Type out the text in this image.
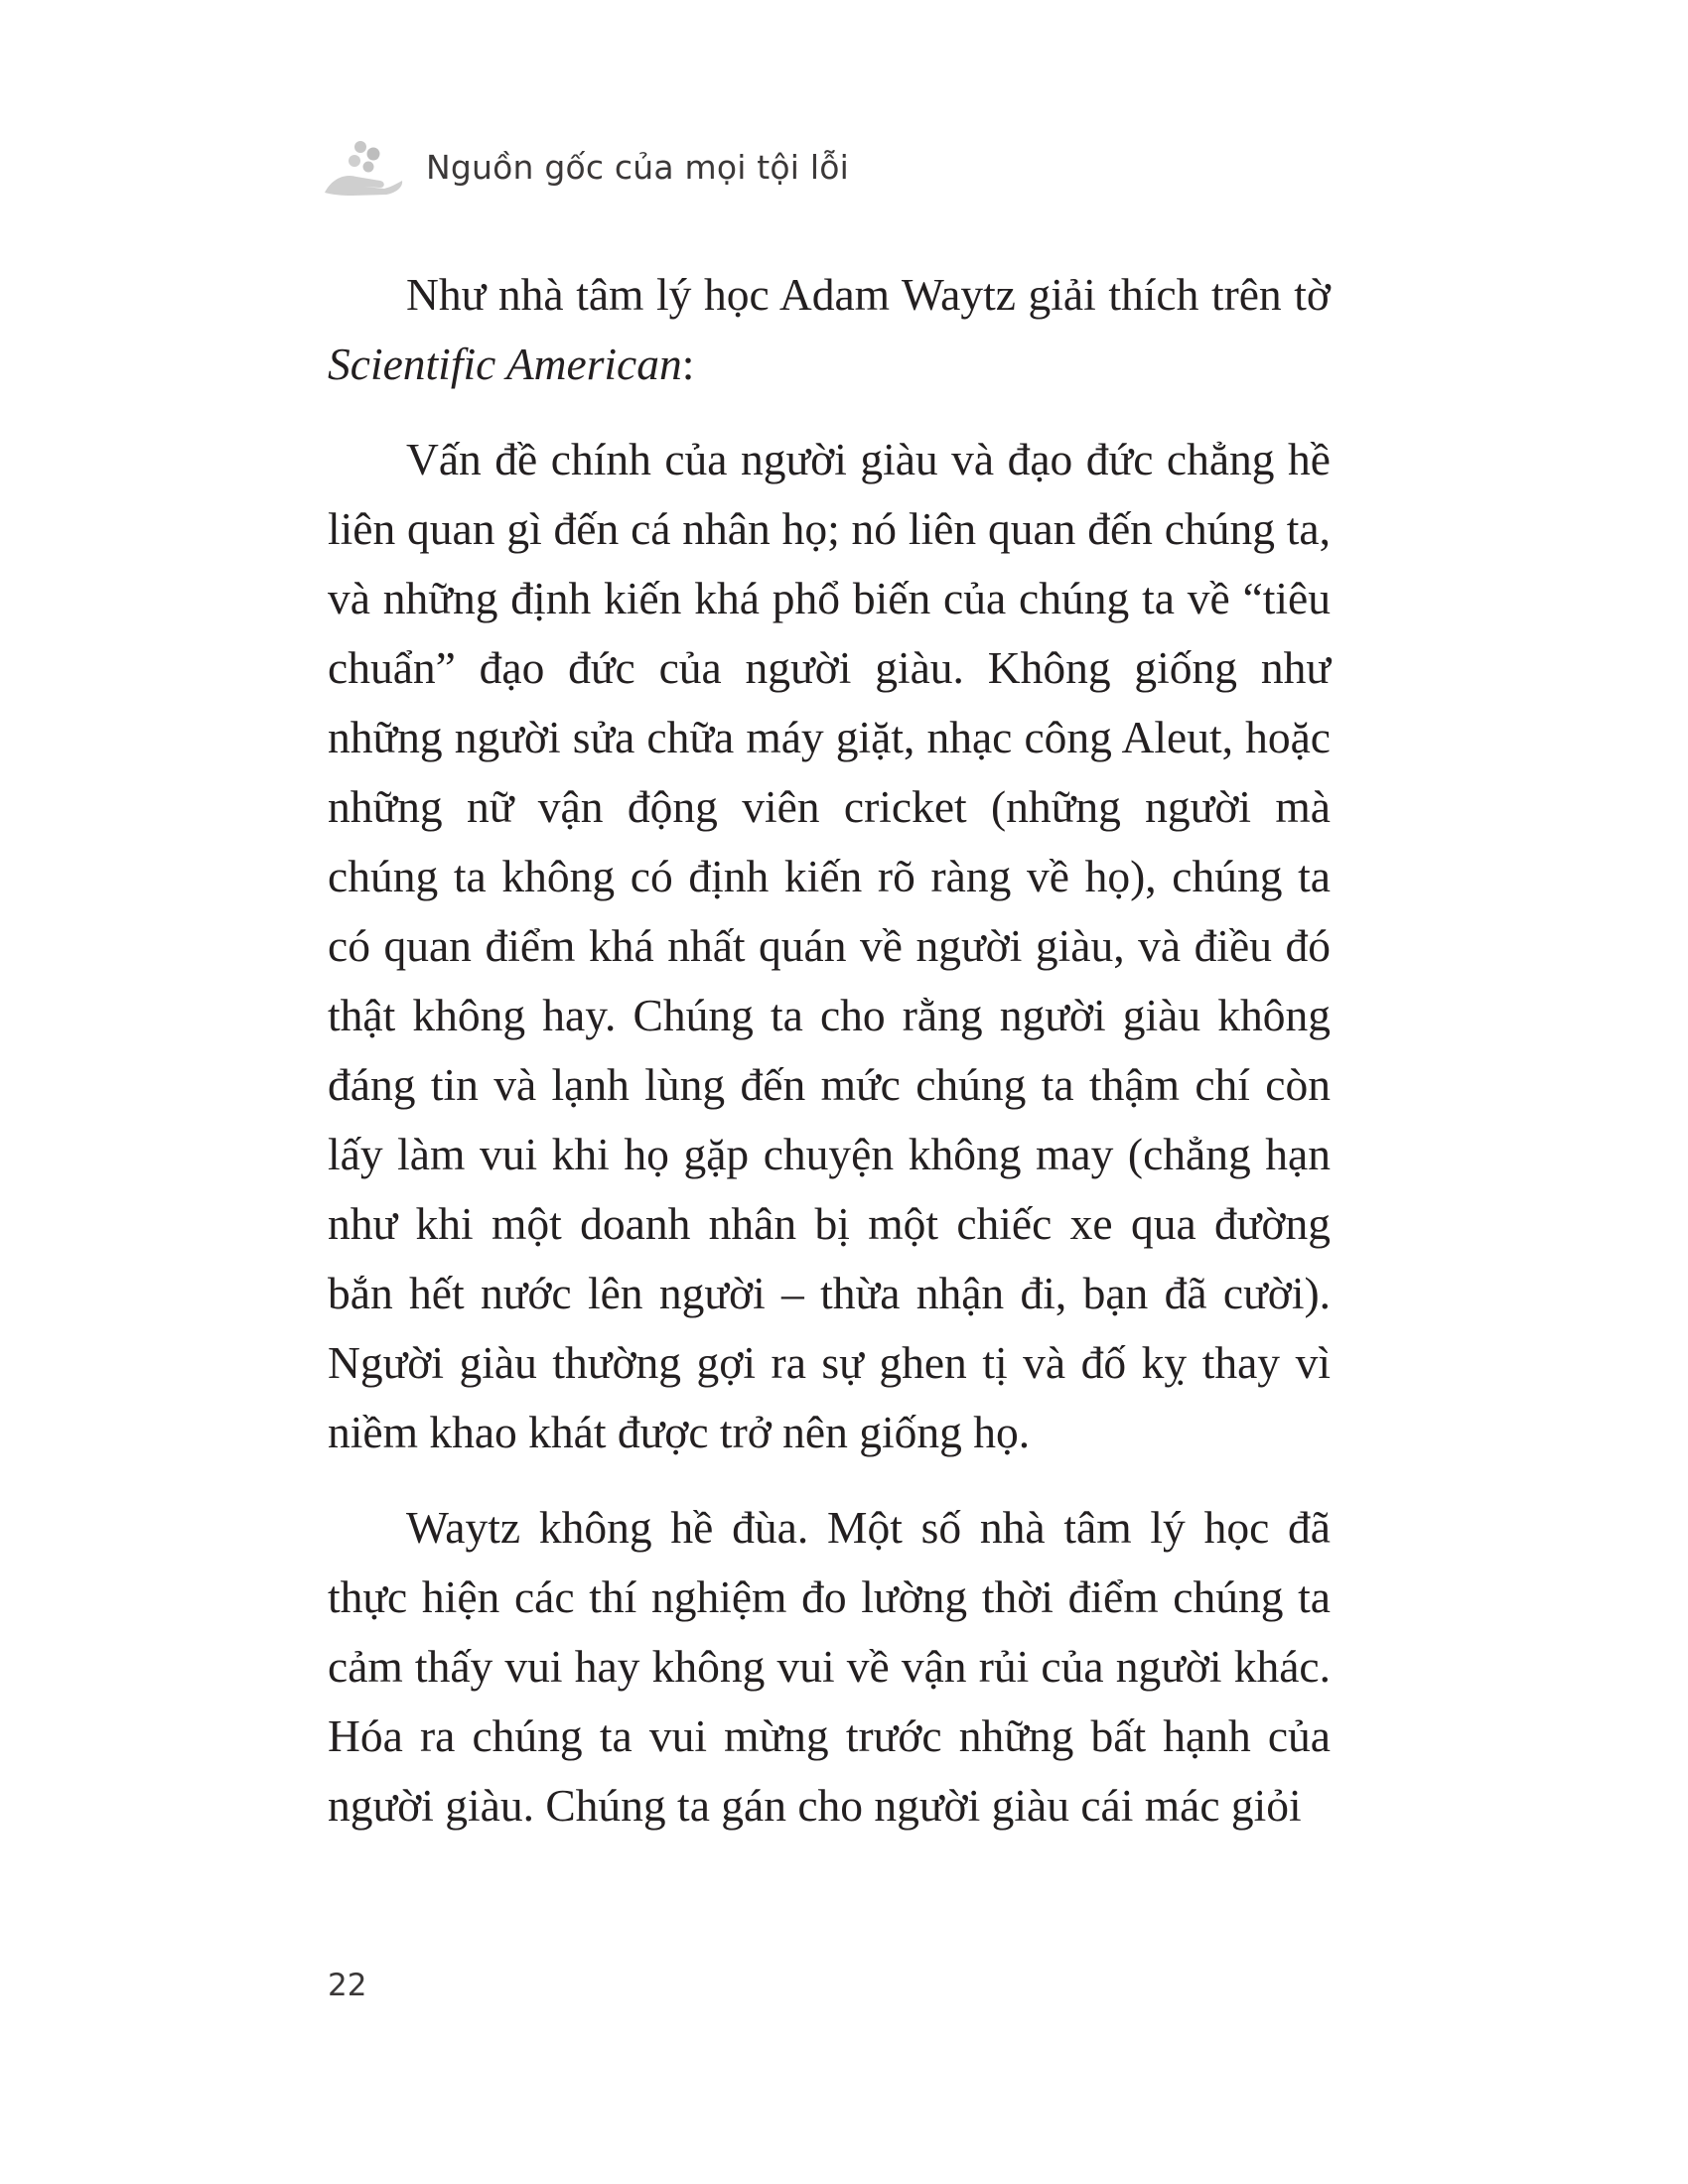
Nguồn gốc của mọi tội lỗi

Như nhà tâm lý học Adam Waytz giải thích trên tờ Scientific American:

Vấn đề chính của người giàu và đạo đức chẳng hề liên quan gì đến cá nhân họ; nó liên quan đến chúng ta, và những định kiến khá phổ biến của chúng ta về “tiêu chuẩn” đạo đức của người giàu. Không giống như những người sửa chữa máy giặt, nhạc công Aleut, hoặc những nữ vận động viên cricket (những người mà chúng ta không có định kiến rõ ràng về họ), chúng ta có quan điểm khá nhất quán về người giàu, và điều đó thật không hay. Chúng ta cho rằng người giàu không đáng tin và lạnh lùng đến mức chúng ta thậm chí còn lấy làm vui khi họ gặp chuyện không may (chẳng hạn như khi một doanh nhân bị một chiếc xe qua đường bắn hết nước lên người – thừa nhận đi, bạn đã cười). Người giàu thường gợi ra sự ghen tị và đố kỵ thay vì niềm khao khát được trở nên giống họ.

Waytz không hề đùa. Một số nhà tâm lý học đã thực hiện các thí nghiệm đo lường thời điểm chúng ta cảm thấy vui hay không vui về vận rủi của người khác. Hóa ra chúng ta vui mừng trước những bất hạnh của người giàu. Chúng ta gán cho người giàu cái mác giỏi

22
